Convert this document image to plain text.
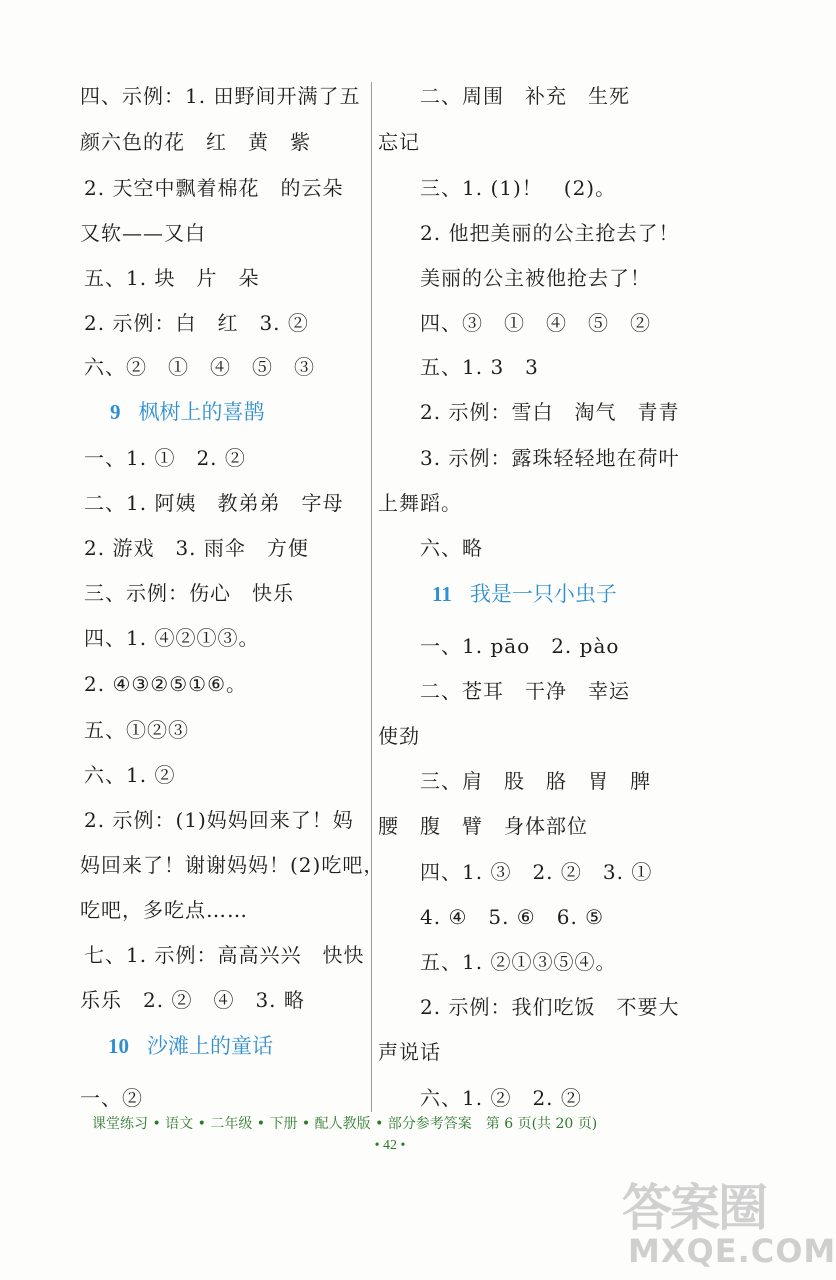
四、示例：1. 田野间开满了五
颜六色的花　红　黄　紫
2. 天空中飘着棉花　的云朵
又软——又白
五、1. 块　片　朵
2. 示例：白　红　3. ②
六、②　①　④　⑤　③
9 枫树上的喜鹊
一、1. ①　2. ②
二、1. 阿姨　教弟弟　字母
2. 游戏　3. 雨伞　方便
三、示例：伤心　快乐
四、1. ④②①③。
2. ④③②⑤①⑥。
五、①②③
六、1. ②
2. 示例：(1)妈妈回来了！妈
妈回来了！谢谢妈妈！(2)吃吧，
吃吧，多吃点……
七、1. 示例：高高兴兴　快快
乐乐　2. ②　④　3. 略
10 沙滩上的童话
一、②
二、周围　补充　生死
忘记
三、1. (1)！　(2)。
2. 他把美丽的公主抢去了！
美丽的公主被他抢去了！
四、③　①　④　⑤　②
五、1. 3　3
2. 示例：雪白　淘气　青青
3. 示例：露珠轻轻地在荷叶
上舞蹈。
六、略
11 我是一只小虫子
一、1. pāo　2. pào
二、苍耳　干净　幸运
使劲
三、肩　股　胳　胃　脾
腰　腹　臂　身体部位
四、1. ③　2. ②　3. ①
4. ④　5. ⑥　6. ⑤
五、1. ②①③⑤④。
2. 示例：我们吃饭　不要大
声说话
六、1. ②　2. ②
课堂练习 • 语文 • 二年级 • 下册 • 配人教版 • 部分参考答案　第 6 页(共 20 页)
• 42 •
答案圈
MXQE.COM
